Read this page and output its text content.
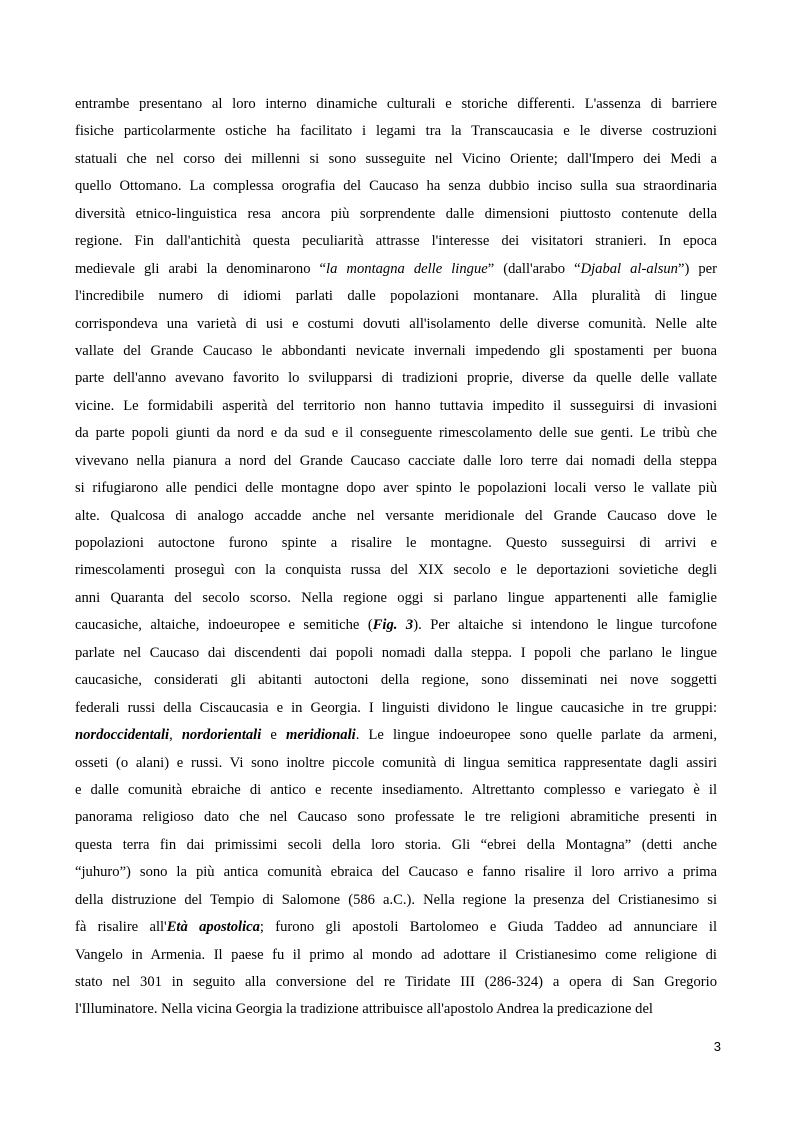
entrambe presentano al loro interno dinamiche culturali e storiche differenti. L'assenza di barriere
fisiche particolarmente ostiche ha facilitato i legami tra la Transcaucasia e le diverse costruzioni
statuali che nel corso dei millenni si sono susseguite nel Vicino Oriente; dall'Impero dei Medi a
quello Ottomano. La complessa orografia del Caucaso ha senza dubbio inciso sulla sua straordinaria
diversità etnico-linguistica resa ancora più sorprendente dalle dimensioni piuttosto contenute della
regione. Fin dall'antichità questa peculiarità attrasse l'interesse dei visitatori stranieri. In epoca
medievale gli arabi la denominarono “la montagna delle lingue” (dall'arabo “Djabal al-alsun”) per
l'incredibile numero di idiomi parlati dalle popolazioni montanare. Alla pluralità di lingue
corrispondeva una varietà di usi e costumi dovuti all'isolamento delle diverse comunità. Nelle alte
vallate del Grande Caucaso le abbondanti nevicate invernali impedendo gli spostamenti per buona
parte dell'anno avevano favorito lo svilupparsi di tradizioni proprie, diverse da quelle delle vallate
vicine. Le formidabili asperità del territorio non hanno tuttavia impedito il susseguirsi di invasioni
da parte popoli giunti da nord e da sud e il conseguente rimescolamento delle sue genti. Le tribù che
vivevano nella pianura a nord del Grande Caucaso cacciate dalle loro terre dai nomadi della steppa
si rifugiarono alle pendici delle montagne dopo aver spinto le popolazioni locali verso le vallate più
alte. Qualcosa di analogo accadde anche nel versante meridionale del Grande Caucaso dove le
popolazioni autoctone furono spinte a risalire le montagne. Questo susseguirsi di arrivi e
rimescolamenti proseguì con la conquista russa del XIX secolo e le deportazioni sovietiche degli
anni Quaranta del secolo scorso. Nella regione oggi si parlano lingue appartenenti alle famiglie
caucasiche, altaiche, indoeuropee e semitiche (Fig. 3). Per altaiche si intendono le lingue turcofone
parlate nel Caucaso dai discendenti dai popoli nomadi dalla steppa. I popoli che parlano le lingue
caucasiche, considerati gli abitanti autoctoni della regione, sono disseminati nei nove soggetti
federali russi della Ciscaucasia e in Georgia. I linguisti dividono le lingue caucasiche in tre gruppi:
nordoccidentali, nordorientali e meridionali. Le lingue indoeuropee sono quelle parlate da armeni,
osseti (o alani) e russi. Vi sono inoltre piccole comunità di lingua semitica rappresentate dagli assiri
e dalle comunità ebraiche di antico e recente insediamento. Altrettanto complesso e variegato è il
panorama religioso dato che nel Caucaso sono professate le tre religioni abramitiche presenti in
questa terra fin dai primissimi secoli della loro storia. Gli “ebrei della Montagna” (detti anche
“juhuro”) sono la più antica comunità ebraica del Caucaso e fanno risalire il loro arrivo a prima
della distruzione del Tempio di Salomone (586 a.C.). Nella regione la presenza del Cristianesimo si
fà risalire all'Età apostolica; furono gli apostoli Bartolomeo e Giuda Taddeo ad annunciare il
Vangelo in Armenia. Il paese fu il primo al mondo ad adottare il Cristianesimo come religione di
stato nel 301 in seguito alla conversione del re Tiridate III (286-324) a opera di San Gregorio
l'Illuminatore. Nella vicina Georgia la tradizione attribuisce all'apostolo Andrea la predicazione del
3
